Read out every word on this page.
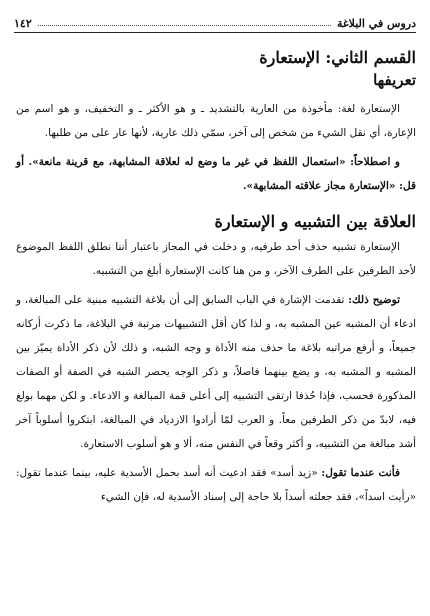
دروس في البلاغة
١٤٢
القسم الثاني: الإستعارة
تعريفها

الإستعارة لغة: مأخوذة من العارية بالتشديد ـ و هو الأكثر ـ و التخفيف، و هو اسم من الإعارة، أي نقل الشيء من شخص إلى آخر، سمّي ذلك عارية، لأنها عار على من طلبها.

و اصطلاحاً: «استعمال اللفظ في غير ما وضع له لعلاقة المشابهة، مع قرينة مانعة». أو قل: «الإستعارة مجاز علاقته المشابهة».

العلاقة بين التشبيه و الإستعارة

الإستعارة تشبيه حذف أحد طرفيه، و دخلت في المجاز باعتبار أننا نطلق اللفظ الموضوع لأحد الطرفين على الطرف الآخر، و من هنا كانت الإستعارة أبلغ من التشبيه.

توضيح ذلك: تقدمت الإشارة في الباب السابق إلى أن بلاغة التشبيه مبنية على المبالغة، و ادعاء أن المشبه عين المشبه به، و لذا كان أقل التشبيهات مرتبة في البلاغة، ما ذكرت أركانه جميعاً، و أرفع مراتبه بلاغة ما حذف منه الأداة و وجه الشبه، و ذلك لأن ذكر الأداة يميّز بين المشبه و المشبه به، و يضع بينهما فاصلاً، و ذكر الوجه يحصر الشبه في الصفة أو الصفات المذكورة فحسب، فإذا حُذفا ارتقى التشبيه إلى أعلى قمة المبالغة و الادعاء. و لكن مهما بولغ فيه، لابدّ من ذكر الطرفين معاً. و العرب لمّا أرادوا الازدياد في المبالغة، ابتكروا أسلوباً آخر أشد مبالغة من التشبيه، و أكثر وقعاً في النفس منه، ألا و هو أسلوب الاستعارة.

فأنت عندما تقول: «زيد أسد» فقد ادعيت أنه أسد بحمل الأسدية عليه، بينما عندما تقول: «رأيت اسداً»، فقد جعلته أسداً بلا حاجة إلى إسناد الأسدية له، فإن الشيء
